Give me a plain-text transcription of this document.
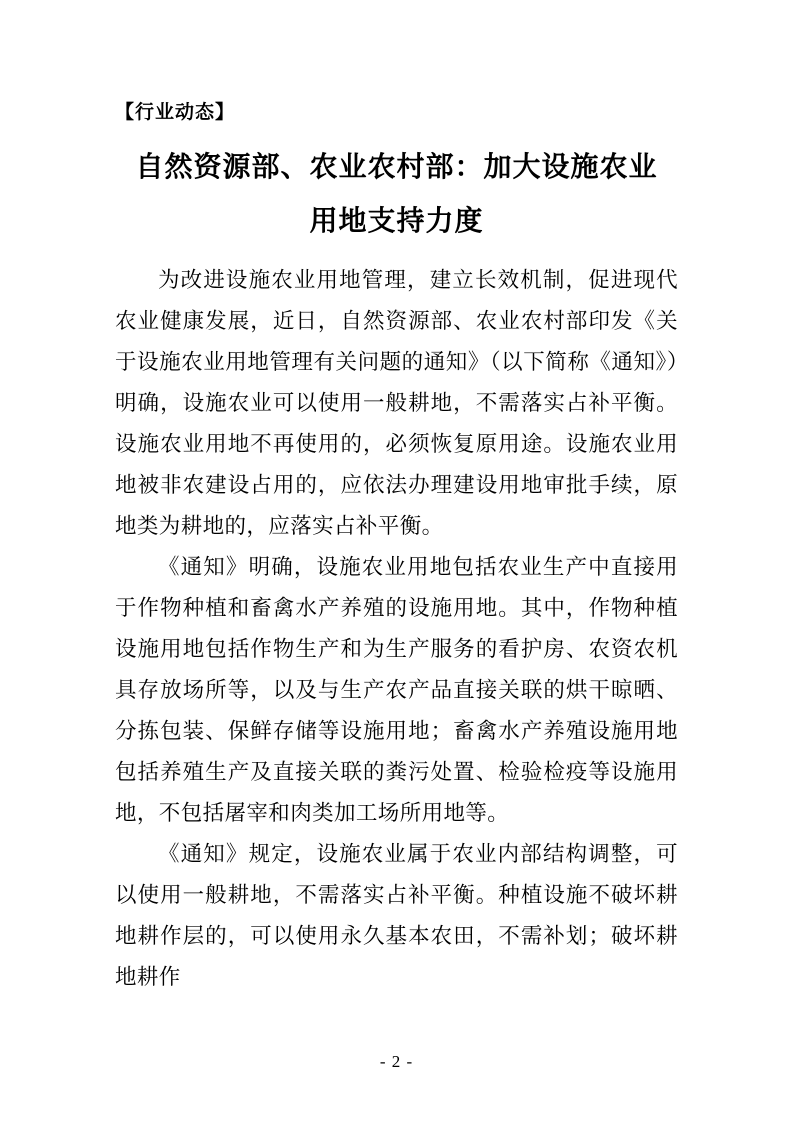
【行业动态】
自然资源部、农业农村部：加大设施农业
用地支持力度

为改进设施农业用地管理，建立长效机制，促进现代农业健康发展，近日，自然资源部、农业农村部印发《关于设施农业用地管理有关问题的通知》（以下简称《通知》）明确，设施农业可以使用一般耕地，不需落实占补平衡。设施农业用地不再使用的，必须恢复原用途。设施农业用地被非农建设占用的，应依法办理建设用地审批手续，原地类为耕地的，应落实占补平衡。

《通知》明确，设施农业用地包括农业生产中直接用于作物种植和畜禽水产养殖的设施用地。其中，作物种植设施用地包括作物生产和为生产服务的看护房、农资农机具存放场所等，以及与生产农产品直接关联的烘干晾晒、分拣包装、保鲜存储等设施用地；畜禽水产养殖设施用地包括养殖生产及直接关联的粪污处置、检验检疫等设施用地，不包括屠宰和肉类加工场所用地等。

《通知》规定，设施农业属于农业内部结构调整，可以使用一般耕地，不需落实占补平衡。种植设施不破坏耕地耕作层的，可以使用永久基本农田，不需补划；破坏耕地耕作

- 2 -
